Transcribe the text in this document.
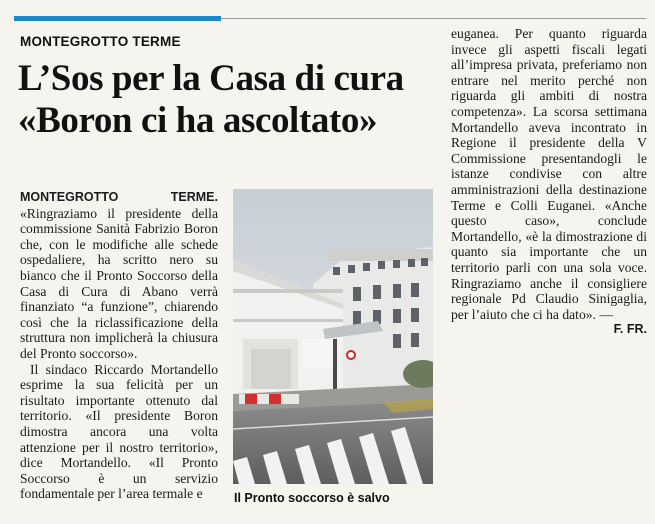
MONTEGROTTO TERME
L’Sos per la Casa di cura
«Boron ci ha ascoltato»

MONTEGROTTO TERME. «Ringraziamo il presidente della commissione Sanità Fabrizio Boron che, con le modifiche alle schede ospedaliere, ha scritto nero su bianco che il Pronto Soccorso della Casa di Cura di Abano verrà finanziato “a funzione”, chiarendo così che la riclassificazione della struttura non implicherà la chiusura del Pronto soccorso».

Il sindaco Riccardo Mortandello esprime la sua felicità per un risultato importante ottenuto dal territorio. «Il presidente Boron dimostra ancora una volta attenzione per il nostro territorio», dice Mortandello. «Il Pronto Soccorso è un servizio fondamentale per l’area termale e	Il Pronto soccorso è salvo

euganea. Per quanto riguarda invece gli aspetti fiscali legati all’impresa privata, preferiamo non entrare nel merito perché non riguarda gli ambiti di nostra competenza». La scorsa settimana Mortandello aveva incontrato in Regione il presidente della V Commissione presentandogli le istanze condivise con altre amministrazioni della destinazione Terme e Colli Euganei. «Anche questo caso», conclude Mortandello, «è la dimostrazione di quanto sia importante che un territorio parli con una sola voce. Ringraziamo anche il consigliere regionale Pd Claudio Sinigaglia, per l’aiuto che ci ha dato». —

F. FR.
